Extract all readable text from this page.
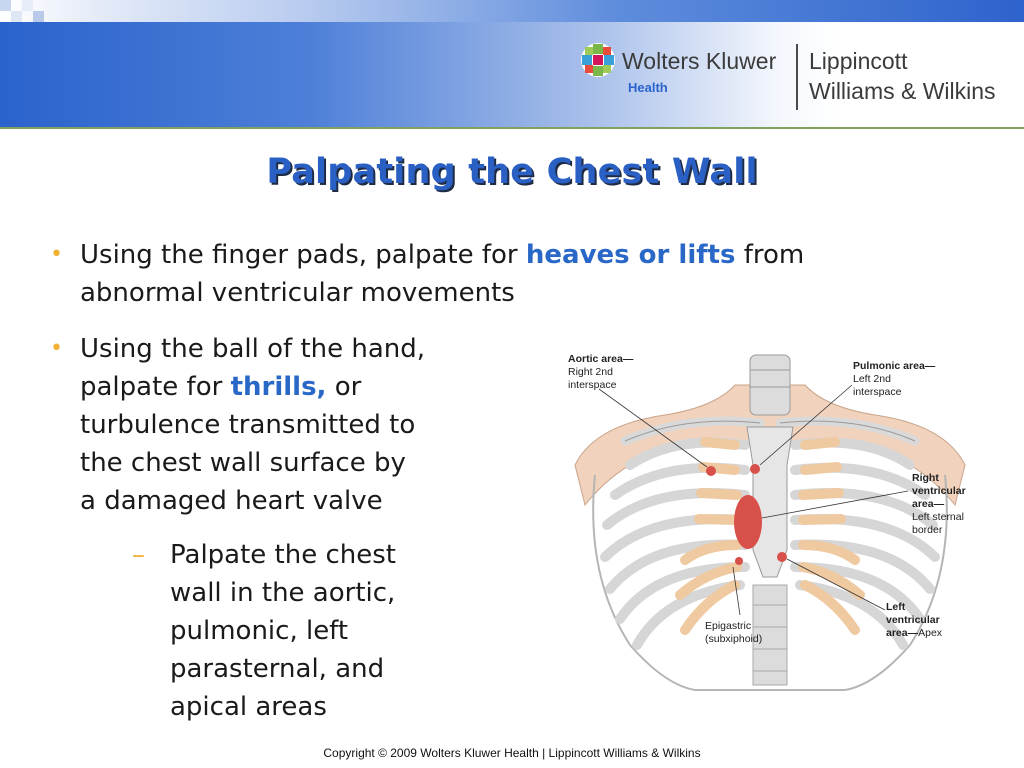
Wolters Kluwer
Health
Lippincott
Williams & Wilkins
Palpating the Chest Wall
• Using the finger pads, palpate for heaves or lifts from
abnormal ventricular movements
• Using the ball of the hand,
palpate for thrills, or
turbulence transmitted to
the chest wall surface by
a damaged heart valve
– Palpate the chest
wall in the aortic,
pulmonic, left
parasternal, and
apical areas
Aortic area—
Right 2nd
interspace
Pulmonic area—
Left 2nd
interspace
Right
ventricular
area—
Left sternal
border
Epigastric
(subxiphoid)
Left
ventricular
area—Apex
Copyright © 2009 Wolters Kluwer Health | Lippincott Williams & Wilkins
